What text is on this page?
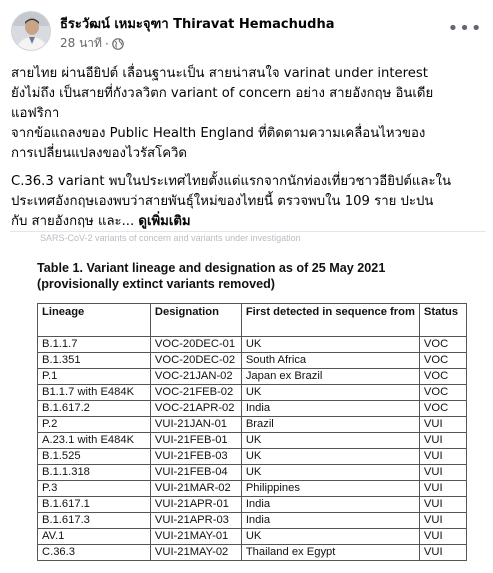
ธีระวัฒน์ เหมะจุฑา Thiravat Hemachudha
28 นาที ·
•••

สายไทย ผ่านอียิปต์ เลื่อนฐานะเป็น สายน่าสนใจ varinat under interest
ยังไม่ถึง เป็นสายที่กังวลวิตก variant of concern อย่าง สายอังกฤษ อินเดีย
แอฟริกา
จากข้อแถลงของ Public Health England ที่ติดตามความเคลื่อนไหวของ
การเปลี่ยนแปลงของไวรัสโควิด

C.36.3 variant พบในประเทศไทยตั้งแต่แรกจากนักท่องเที่ยวชาวอียิปต์และใน
ประเทศอังกฤษเองพบว่าสายพันธุ์ใหม่ของไทยนี้ ตรวจพบใน 109 ราย ปะปน
กับ สายอังกฤษ และ... ดูเพิ่มเติม

SARS-CoV-2 variants of concern and variants under investigation
Table 1. Variant lineage and designation as of 25 May 2021 (provisionally extinct variants removed)
Lineage	Designation	First detected in sequence from	Status
B.1.1.7	VOC-20DEC-01	UK	VOC
B.1.351	VOC-20DEC-02	South Africa	VOC
P.1	VOC-21JAN-02	Japan ex Brazil	VOC
B1.1.7 with E484K	VOC-21FEB-02	UK	VOC
B.1.617.2	VOC-21APR-02	India	VOC
P.2	VUI-21JAN-01	Brazil	VUI
A.23.1 with E484K	VUI-21FEB-01	UK	VUI
B.1.525	VUI-21FEB-03	UK	VUI
B.1.1.318	VUI-21FEB-04	UK	VUI
P.3	VUI-21MAR-02	Philippines	VUI
B.1.617.1	VUI-21APR-01	India	VUI
B.1.617.3	VUI-21APR-03	India	VUI
AV.1	VUI-21MAY-01	UK	VUI
C.36.3	VUI-21MAY-02	Thailand ex Egypt	VUI
